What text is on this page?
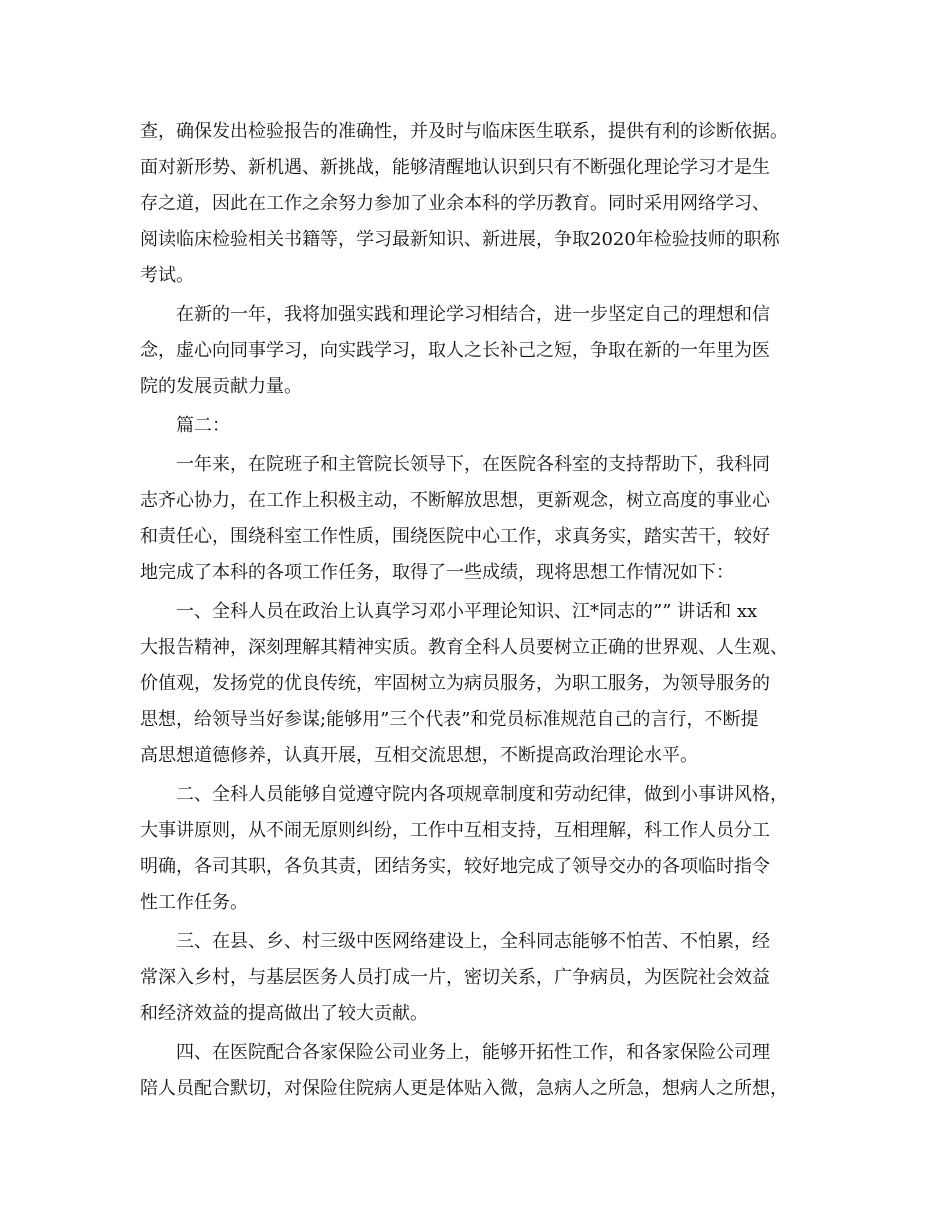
查，确保发出检验报告的准确性，并及时与临床医生联系，提供有利的诊断依据。
面对新形势、新机遇、新挑战，能够清醒地认识到只有不断强化理论学习才是生
存之道，因此在工作之余努力参加了业余本科的学历教育。同时采用网络学习、
阅读临床检验相关书籍等，学习最新知识、新进展，争取2020年检验技师的职称
考试。
　　在新的一年，我将加强实践和理论学习相结合，进一步坚定自己的理想和信
念，虚心向同事学习，向实践学习，取人之长补己之短，争取在新的一年里为医
院的发展贡献力量。
　　篇二：
　　一年来，在院班子和主管院长领导下，在医院各科室的支持帮助下，我科同
志齐心协力，在工作上积极主动，不断解放思想，更新观念，树立高度的事业心
和责任心，围绕科室工作性质，围绕医院中心工作，求真务实，踏实苦干，较好
地完成了本科的各项工作任务，取得了一些成绩，现将思想工作情况如下：
　　一、全科人员在政治上认真学习邓小平理论知识、江*同志的”” 讲话和 xx
大报告精神，深刻理解其精神实质。教育全科人员要树立正确的世界观、人生观、
价值观，发扬党的优良传统，牢固树立为病员服务，为职工服务，为领导服务的
思想，给领导当好参谋;能够用”三个代表”和党员标准规范自己的言行，不断提
高思想道德修养，认真开展，互相交流思想，不断提高政治理论水平。
　　二、全科人员能够自觉遵守院内各项规章制度和劳动纪律，做到小事讲风格，
大事讲原则，从不闹无原则纠纷，工作中互相支持，互相理解，科工作人员分工
明确，各司其职，各负其责，团结务实，较好地完成了领导交办的各项临时指令
性工作任务。
　　三、在县、乡、村三级中医网络建设上，全科同志能够不怕苦、不怕累，经
常深入乡村，与基层医务人员打成一片，密切关系，广争病员，为医院社会效益
和经济效益的提高做出了较大贡献。
　　四、在医院配合各家保险公司业务上，能够开拓性工作，和各家保险公司理
陪人员配合默切，对保险住院病人更是体贴入微，急病人之所急，想病人之所想，
